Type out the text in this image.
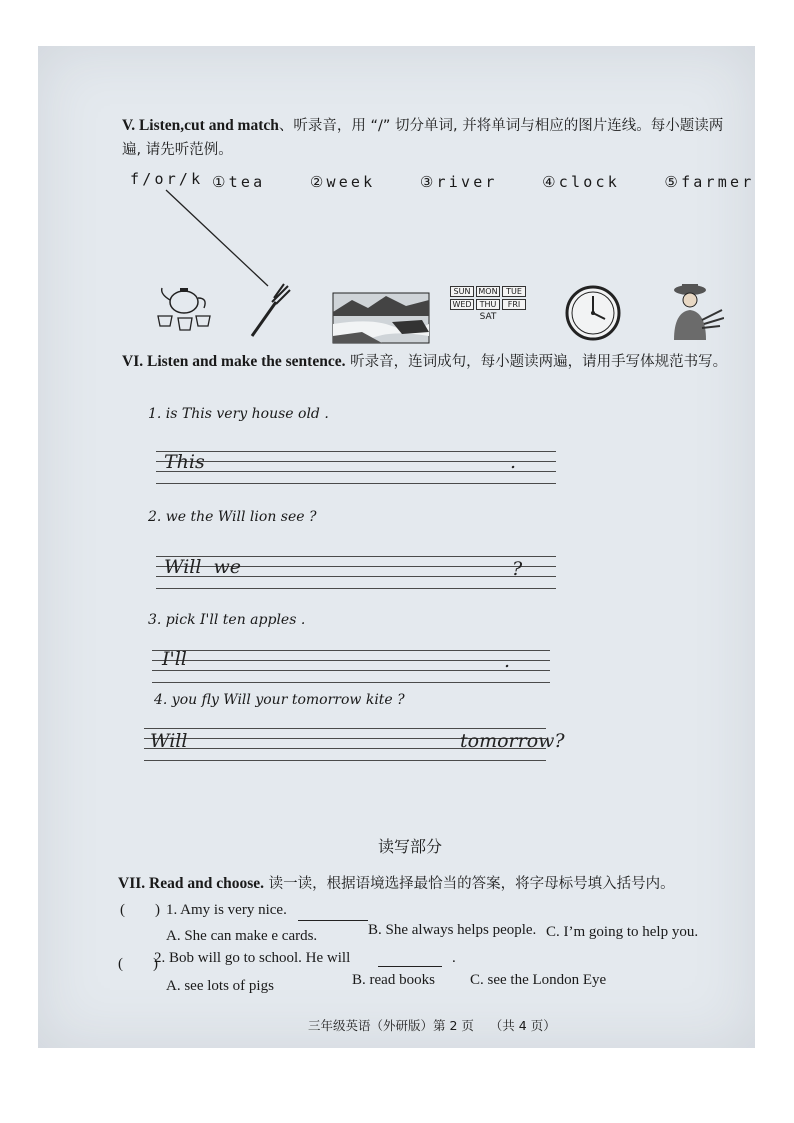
V. Listen,cut and match、听录音，用 “/” 切分单词, 并将单词与相应的图片连线。每小题读两遍, 请先听范例。
f/or/k ①tea	②week	③river	④clock	⑤farmer
SUN MON	TUE
WED	THU	FRI
SAT
VI. Listen and make the sentence. 听录音，连词成句，每小题读两遍，请用手写体规范书写。
1. is This very house old .
This	.
2. we the Will lion see ?
Will  we	?
3. pick I'll ten apples .
I'll	.
4. you fly Will your tomorrow kite ?
Will	tomorrow?
读写部分
VII. Read and choose. 读一读，根据语境选择最恰当的答案，将字母标号填入括号内。
(        ) 1. Amy is very nice.
A. She can make e cards.	B. She always helps people. C. I’m going to help you.
(        )
2. Bob will go to school. He will	.
A. see lots of pigs	B. read books C. see the London Eye
三年级英语（外研版）第 2 页    （共 4 页）
